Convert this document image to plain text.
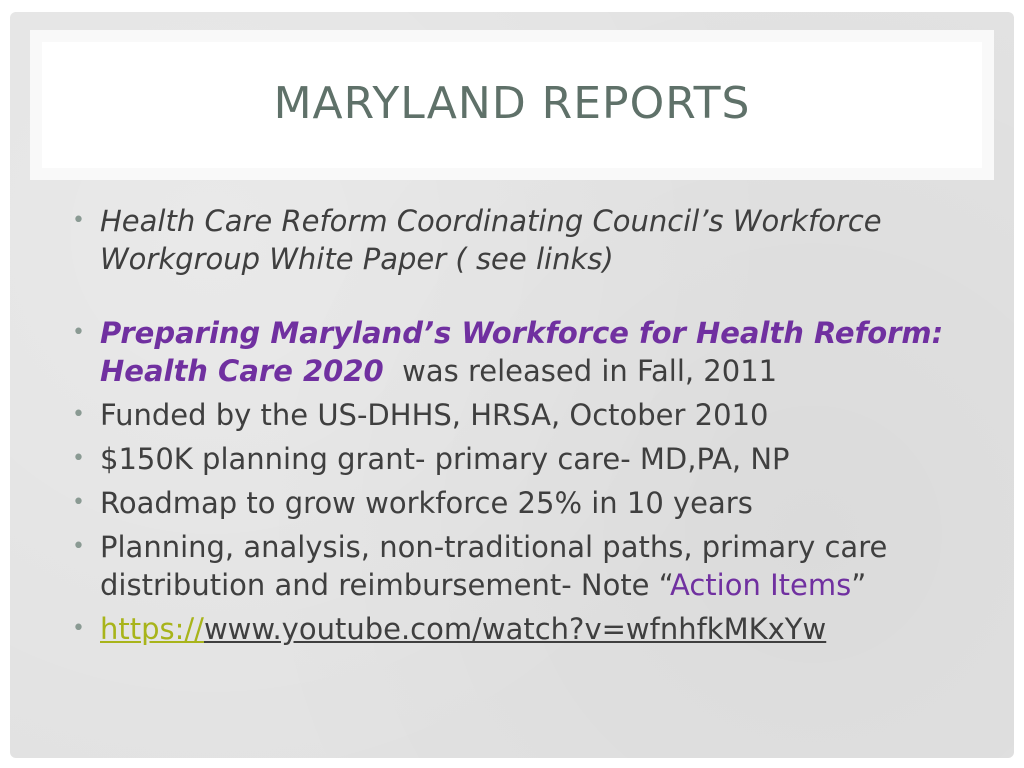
MARYLAND REPORTS
• Health Care Reform Coordinating Council’s Workforce Workgroup White Paper ( see links)
• Preparing Maryland’s Workforce for Health Reform: Health Care 2020  was released in Fall, 2011
• Funded by the US-DHHS, HRSA, October 2010
• $150K planning grant- primary care- MD,PA, NP
• Roadmap to grow workforce 25% in 10 years
• Planning, analysis, non-traditional paths, primary care distribution and reimbursement- Note “Action Items”
• https://www.youtube.com/watch?v=wfnhfkMKxYw
